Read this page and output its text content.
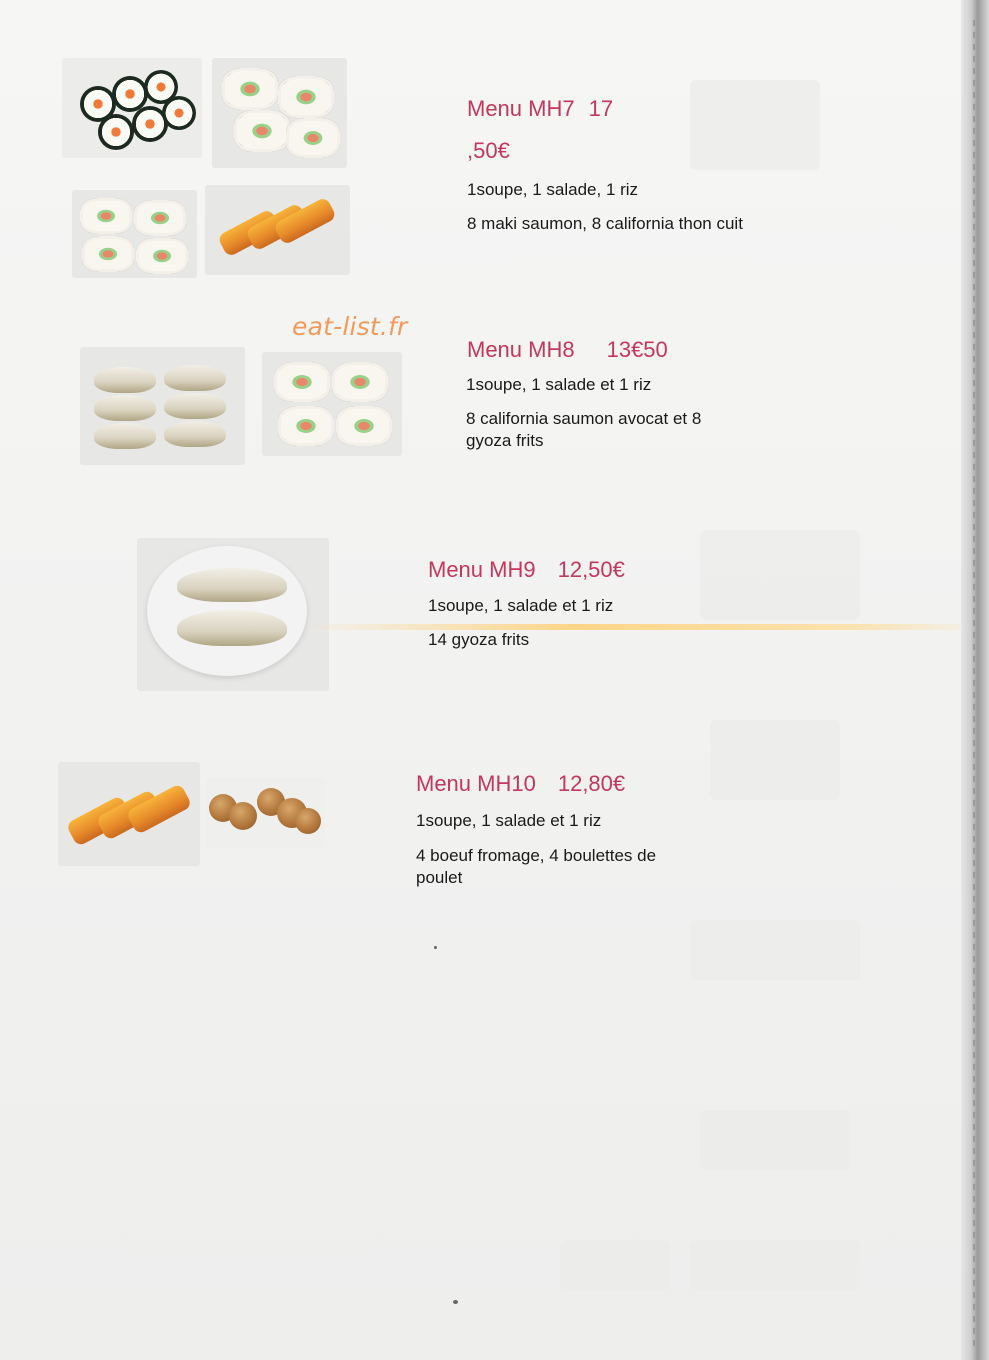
Menu MH7 17
,50€
1soupe, 1 salade, 1 riz
8 maki saumon, 8 california thon cuit
eat-list.fr
Menu MH8 13€50
1soupe, 1 salade et 1 riz
8 california saumon avocat et 8
gyoza frits
Menu MH9 12,50€
1soupe, 1 salade et 1 riz
14 gyoza frits
Menu MH10 12,80€
1soupe, 1 salade et 1 riz
4 boeuf fromage, 4 boulettes de
poulet
